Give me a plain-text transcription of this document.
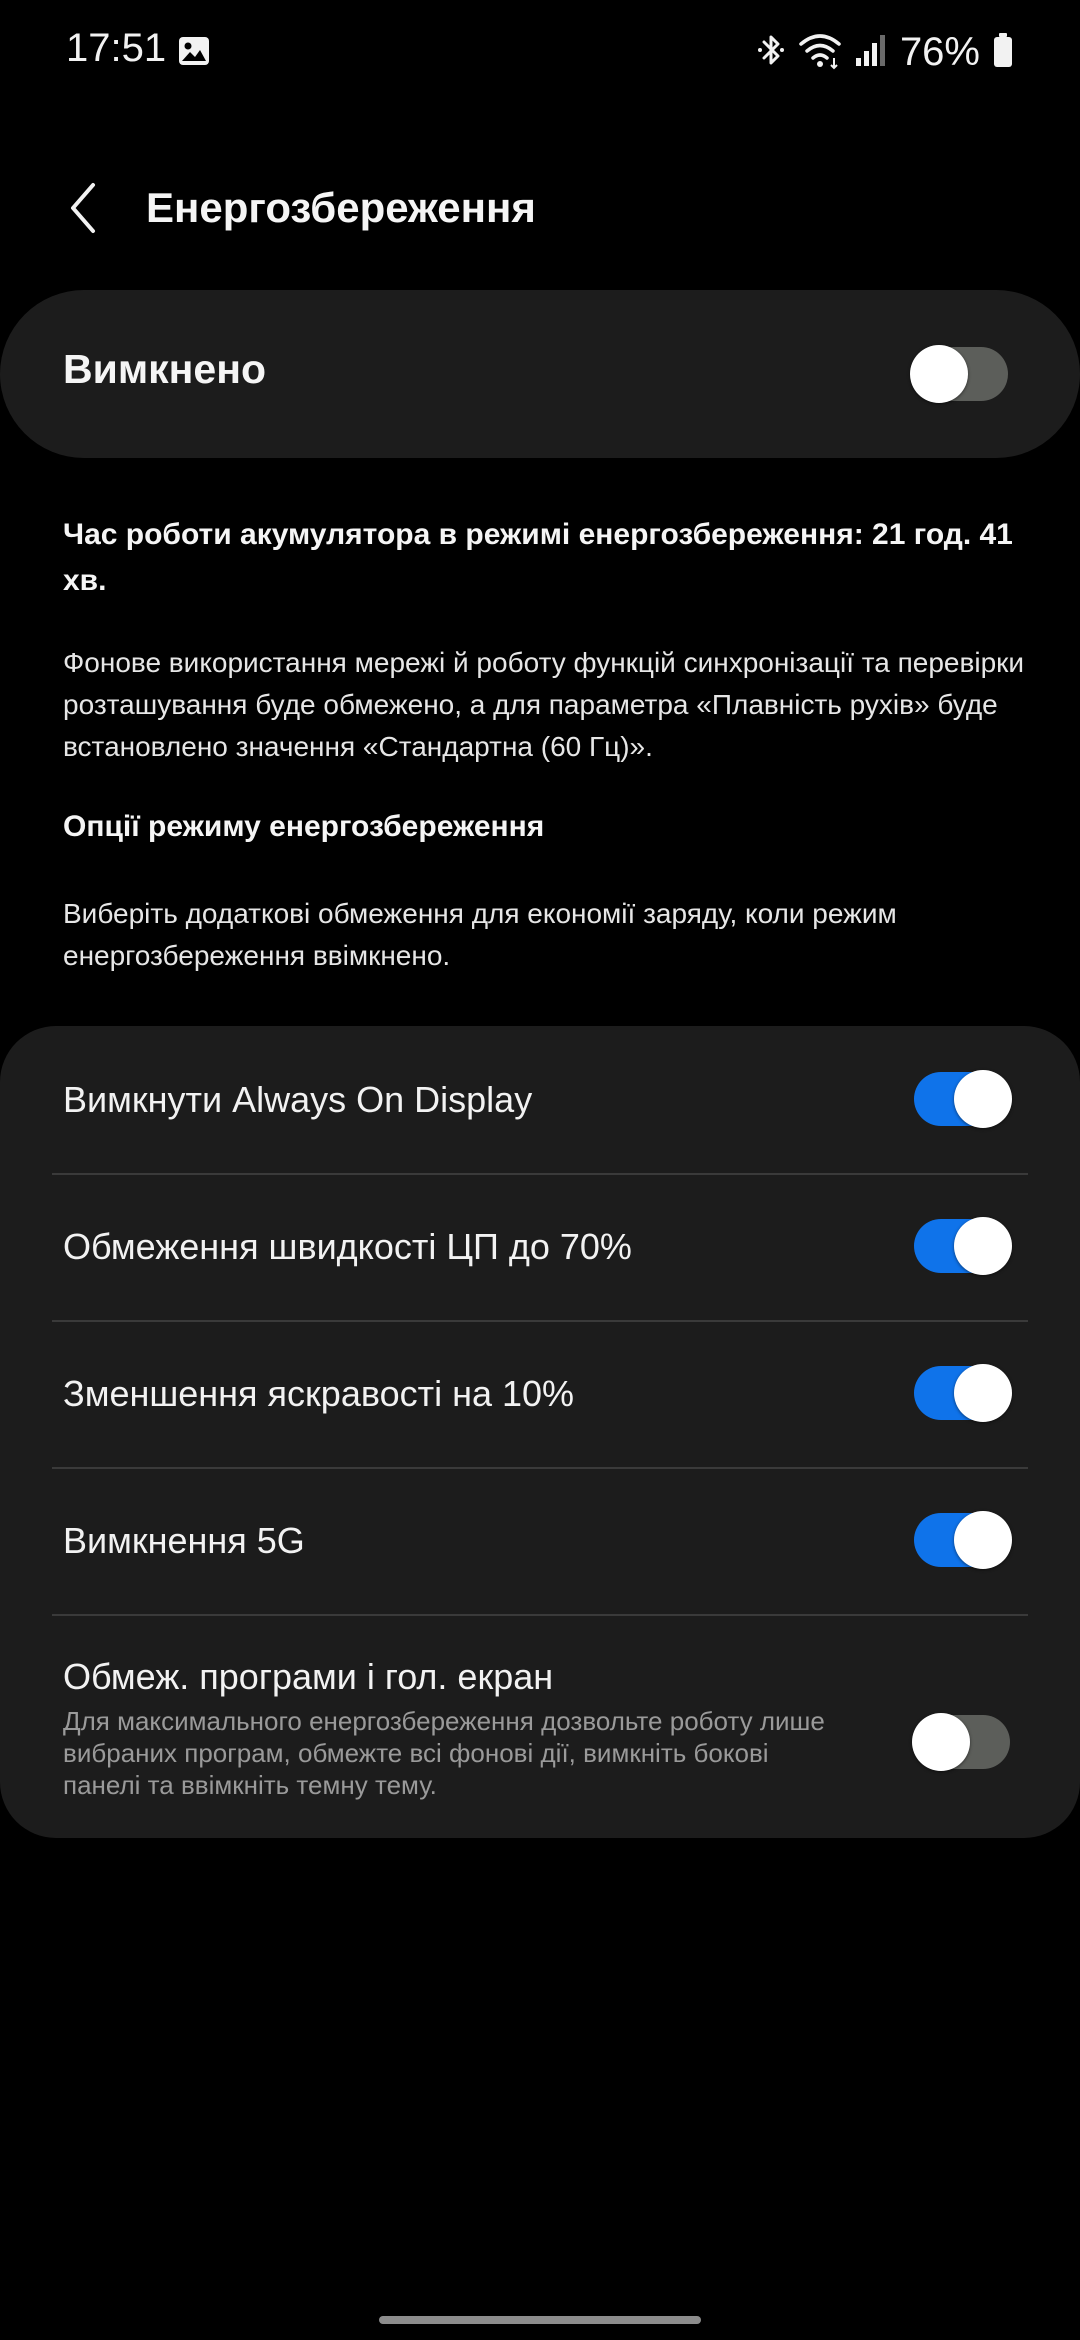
17:51	76%
Енергозбереження
Вимкнено
Час роботи акумулятора в режимі енергозбереження: 21 год. 41 хв.
Фонове використання мережі й роботу функцій синхронізації та перевірки розташування буде обмежено, а для параметра «Плавність рухів» буде встановлено значення «Стандартна (60 Гц)».
Опції режиму енергозбереження
Виберіть додаткові обмеження для економії заряду, коли режим енергозбереження ввімкнено.
Вимкнути Always On Display
Обмеження швидкості ЦП до 70%
Зменшення яскравості на 10%
Вимкнення 5G
Обмеж. програми і гол. екран
Для максимального енергозбереження дозвольте роботу лише вибраних програм, обмежте всі фонові дії, вимкніть бокові панелі та ввімкніть темну тему.
